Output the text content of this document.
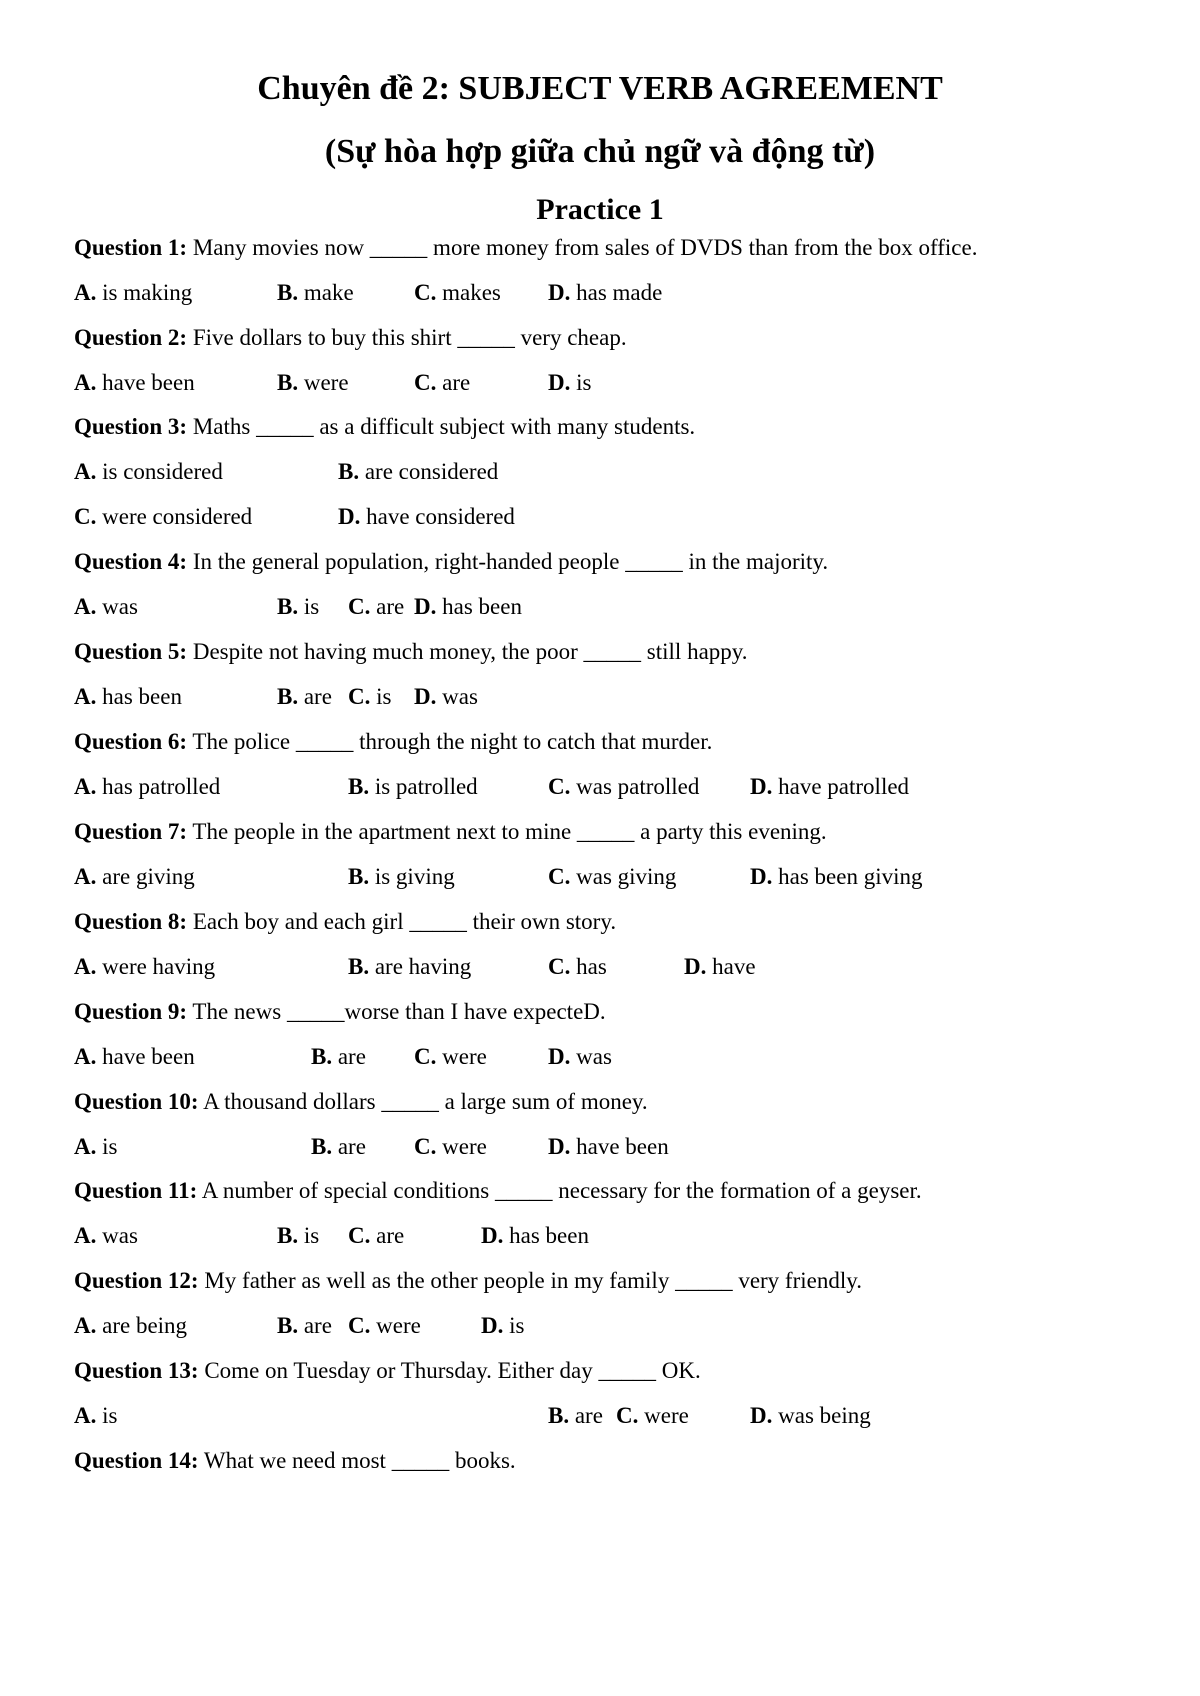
Chuyên đề 2: SUBJECT VERB AGREEMENT
(Sự hòa hợp giữa chủ ngữ và động từ)
Practice 1
Question 1: Many movies now _____ more money from sales of DVDS than from the box office.
A. is making	B. make	C. makes D. has made
Question 2: Five dollars to buy this shirt _____ very cheap.
A. have been	B. were	C. are	D. is
Question 3: Maths _____ as a difficult subject with many students.
A. is considered	B. are considered
C. were considered	D. have considered
Question 4: In the general population, right-handed people _____ in the majority.
A. was	B. is C. are D. has been
Question 5: Despite not having much money, the poor _____ still happy.
A. has been	B. are C. is D. was
Question 6: The police _____ through the night to catch that murder.
A. has patrolled	B. is patrolled	C. was patrolled D. have patrolled
Question 7: The people in the apartment next to mine _____ a party this evening.
A. are giving	B. is giving	C. was giving	D. has been giving
Question 8: Each boy and each girl _____ their own story.
A. were having	B. are having	C. has	D. have
Question 9: The news _____worse than I have expecteD.
A. have been	B. are C. were	D. was
Question 10: A thousand dollars _____ a large sum of money.
A. is	B. are C. were	D. have been
Question 11: A number of special conditions _____ necessary for the formation of a geyser.
A. was	B. is C. are	D. has been
Question 12: My father as well as the other people in my family _____ very friendly.
A. are being	B. are C. were	D. is
Question 13: Come on Tuesday or Thursday. Either day _____ OK.
A. is	B. are C. were	D. was being
Question 14: What we need most _____ books.
